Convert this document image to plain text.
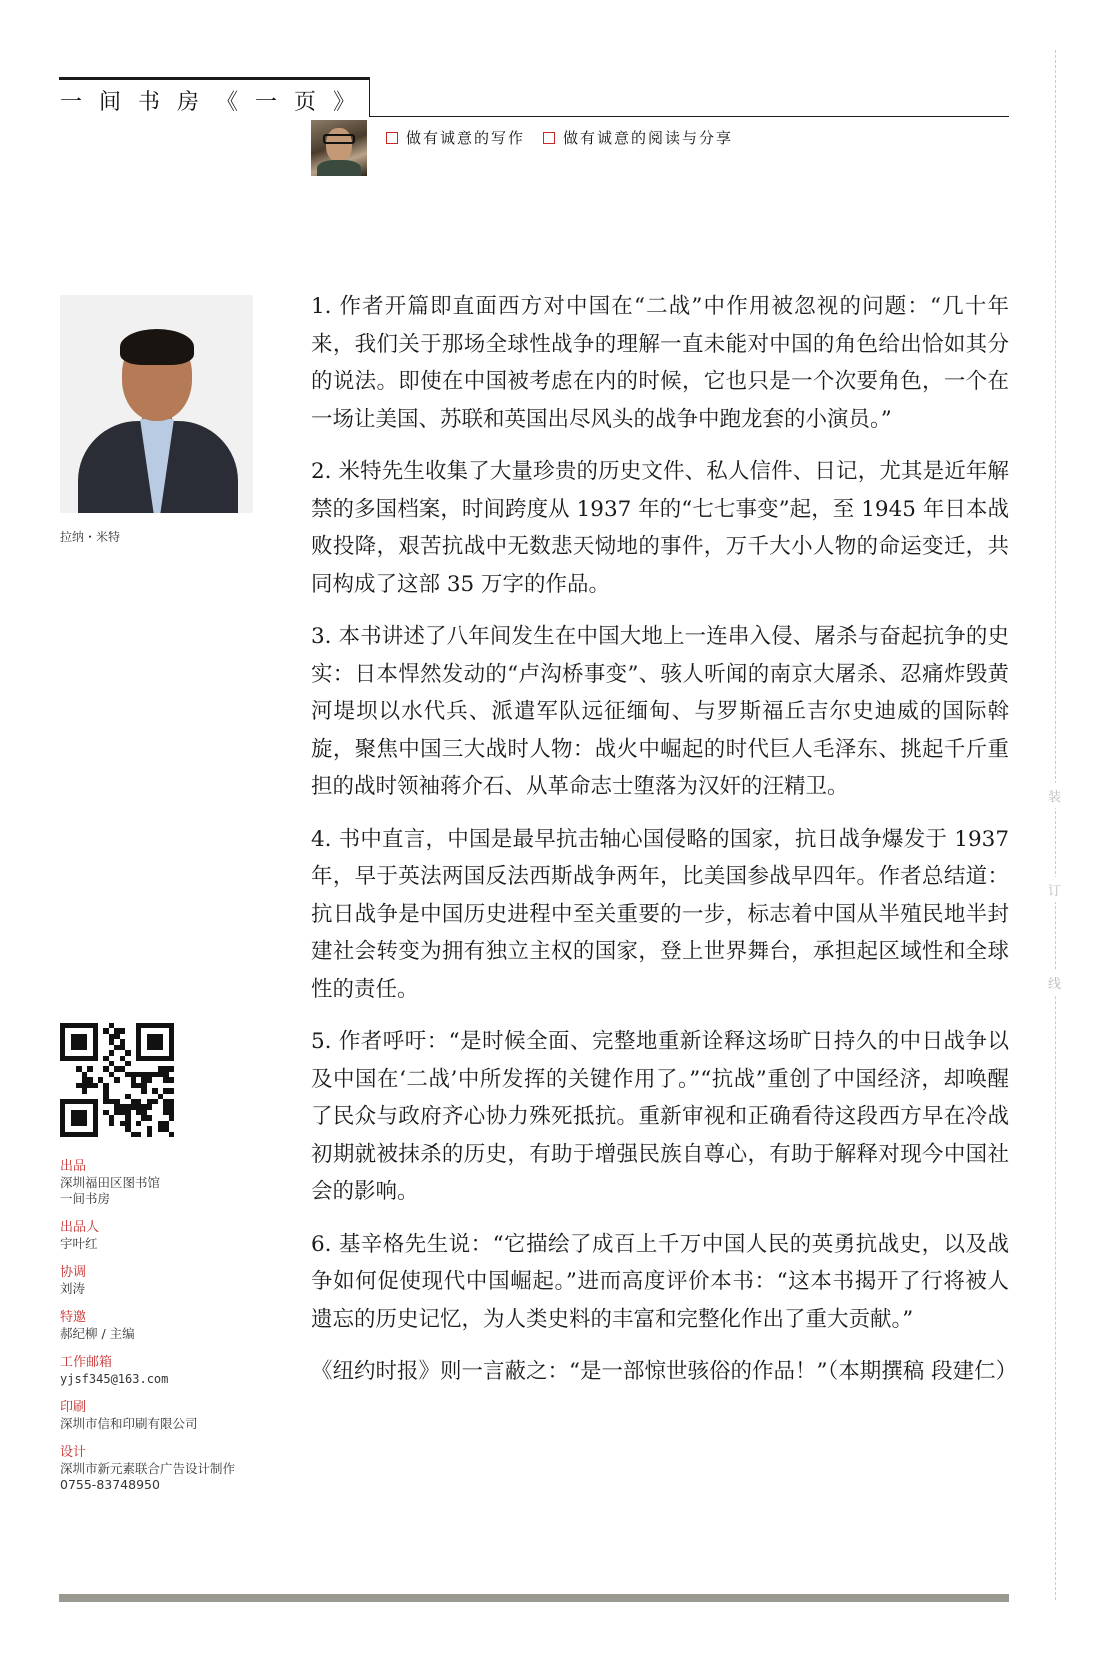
一间书房《一页》
做有诚意的写作	做有诚意的阅读与分享
拉纳・米特

1. 作者开篇即直面西方对中国在“二战”中作用被忽视的问题：“几十年来，我们关于那场全球性战争的理解一直未能对中国的角色给出恰如其分的说法。即使在中国被考虑在内的时候，它也只是一个次要角色，一个在一场让美国、苏联和英国出尽风头的战争中跑龙套的小演员。”

2. 米特先生收集了大量珍贵的历史文件、私人信件、日记，尤其是近年解禁的多国档案，时间跨度从 1937 年的“七七事变”起，至 1945 年日本战败投降，艰苦抗战中无数悲天恸地的事件，万千大小人物的命运变迁，共同构成了这部 35 万字的作品。

3. 本书讲述了八年间发生在中国大地上一连串入侵、屠杀与奋起抗争的史实：日本悍然发动的“卢沟桥事变”、骇人听闻的南京大屠杀、忍痛炸毁黄河堤坝以水代兵、派遣军队远征缅甸、与罗斯福丘吉尔史迪威的国际斡旋，聚焦中国三大战时人物：战火中崛起的时代巨人毛泽东、挑起千斤重担的战时领袖蒋介石、从革命志士堕落为汉奸的汪精卫。

4. 书中直言，中国是最早抗击轴心国侵略的国家，抗日战争爆发于 1937 年，早于英法两国反法西斯战争两年，比美国参战早四年。作者总结道：抗日战争是中国历史进程中至关重要的一步，标志着中国从半殖民地半封建社会转变为拥有独立主权的国家，登上世界舞台，承担起区域性和全球性的责任。

5. 作者呼吁：“是时候全面、完整地重新诠释这场旷日持久的中日战争以及中国在‘二战’中所发挥的关键作用了。”“抗战”重创了中国经济，却唤醒了民众与政府齐心协力殊死抵抗。重新审视和正确看待这段西方早在冷战初期就被抹杀的历史，有助于增强民族自尊心，有助于解释对现今中国社会的影响。

6. 基辛格先生说：“它描绘了成百上千万中国人民的英勇抗战史，以及战争如何促使现代中国崛起。”进而高度评价本书：“这本书揭开了行将被人遗忘的历史记忆，为人类史料的丰富和完整化作出了重大贡献。”

《纽约时报》则一言蔽之：“是一部惊世骇俗的作品！”（本期撰稿 段建仁）

出品
深圳福田区图书馆
一间书房
出品人
宇叶红
协调
刘涛
特邀
郝纪柳 / 主编
工作邮箱
yjsf345@163.com
印刷
深圳市信和印刷有限公司
设计
深圳市新元素联合广告设计制作
0755-83748950
装
订
线
